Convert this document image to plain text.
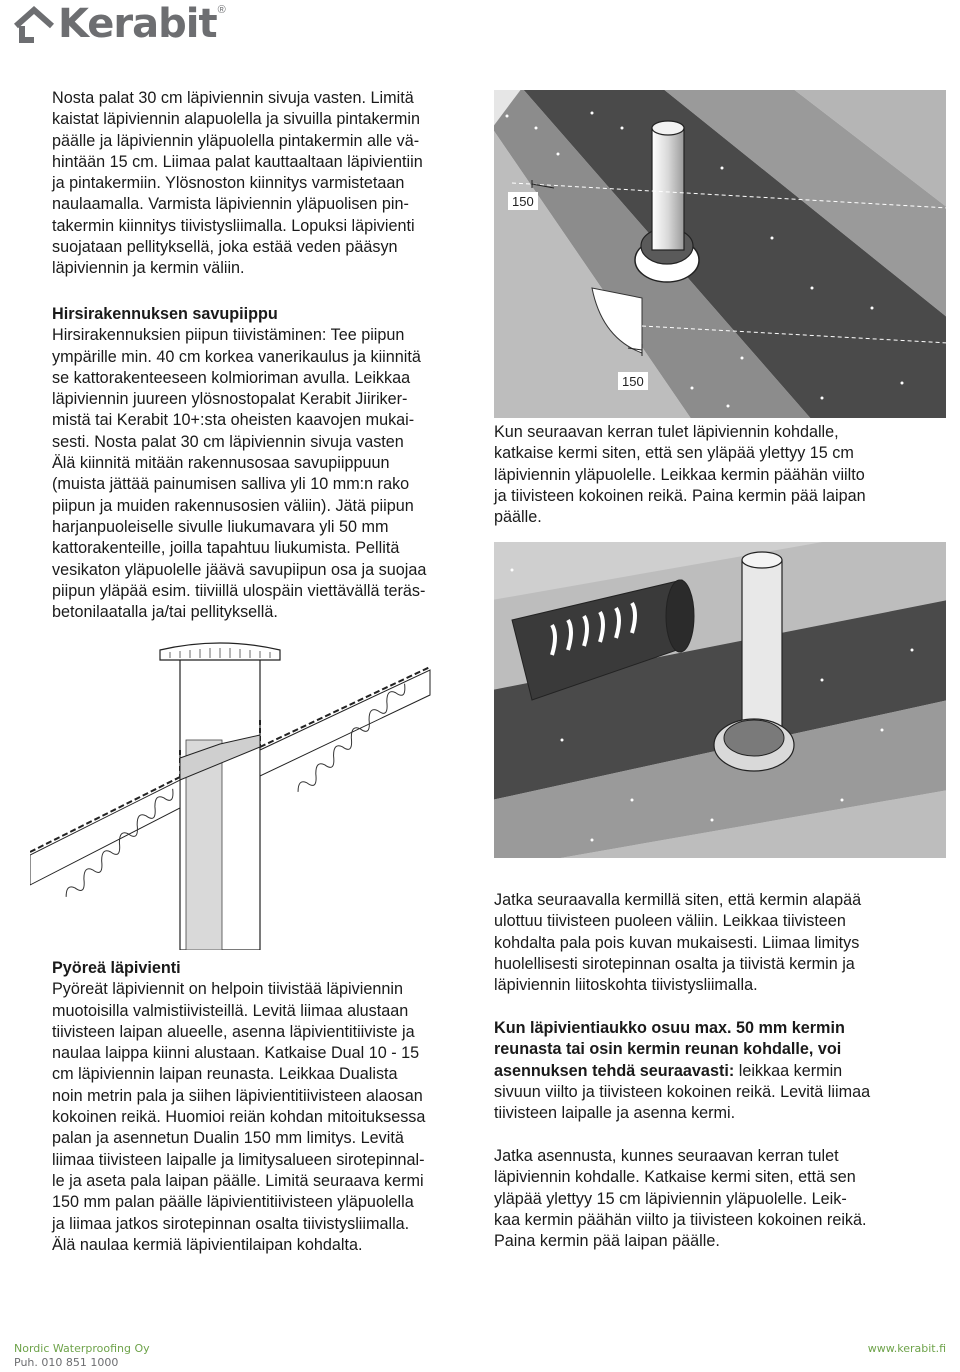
Kerabit ®

Nosta palat 30 cm läpiviennin sivuja vasten. Limitä

kaistat läpiviennin alapuolella ja sivuilla pintakermin

päälle ja läpiviennin yläpuolella pintakermin alle vä-

hintään 15 cm. Liimaa palat kauttaaltaan läpivientiin

ja pintakermiin. Ylösnoston kiinnitys varmistetaan

naulaamalla. Varmista läpiviennin yläpuolisen pin-

takermin kiinnitys tiivistysliimalla. Lopuksi läpivienti

suojataan pellityksellä, joka estää veden pääsyn

läpiviennin ja kermin väliin.

Hirsirakennuksen savupiippu

Hirsirakennuksien piipun tiivistäminen: Tee piipun

ympärille min. 40 cm korkea vanerikaulus ja kiinnitä

se kattorakenteeseen kolmioriman avulla. Leikkaa

läpiviennin juureen ylösnostopalat Kerabit Jiiriker-

mistä tai Kerabit 10+:sta oheisten kaavojen mukai-

sesti. Nosta palat 30 cm läpiviennin sivuja vasten

Älä kiinnitä mitään rakennusosaa savupiippuun

(muista jättää painumisen salliva yli 10 mm:n rako

piipun ja muiden rakennusosien väliin). Jätä piipun

harjanpuoleiselle sivulle liukumavara yli 50 mm

kattorakenteille, joilla tapahtuu liukumista. Pellitä

vesikaton yläpuolelle jäävä savupiipun osa ja suojaa

piipun yläpää esim. tiiviillä ulospäin viettävällä teräs-

betonilaatalla ja/tai pellityksellä.

150
150

Kun seuraavan kerran tulet läpiviennin kohdalle,

katkaise kermi siten, että sen yläpää ylettyy 15 cm

läpiviennin yläpuolelle. Leikkaa kermin päähän viilto

ja tiivisteen kokoinen reikä. Paina kermin pää laipan

päälle.

Pyöreä läpivienti

Pyöreät läpiviennit on helpoin tiivistää läpiviennin

muotoisilla valmistiivisteillä. Levitä liimaa alustaan

tiivisteen laipan alueelle, asenna läpivientitiiviste ja

naulaa laippa kiinni alustaan. Katkaise Dual 10 - 15

cm läpiviennin laipan reunasta. Leikkaa Dualista

noin metrin pala ja siihen läpivientitiivisteen alaosan

kokoinen reikä. Huomioi reiän kohdan mitoituksessa

palan ja asennetun Dualin 150 mm limitys. Levitä

liimaa tiivisteen laipalle ja limitysalueen sirotepinnal-

le ja aseta pala laipan päälle. Limitä seuraava kermi

150 mm palan päälle läpivientitiivisteen yläpuolella

ja liimaa jatkos sirotepinnan osalta tiivistysliimalla.

Älä naulaa kermiä läpivientilaipan kohdalta.

Jatka seuraavalla kermillä siten, että kermin alapää

ulottuu tiivisteen puoleen väliin. Leikkaa tiivisteen

kohdalta pala pois kuvan mukaisesti. Liimaa limitys

huolellisesti sirotepinnan osalta ja tiivistä kermin ja

läpiviennin liitoskohta tiivistysliimalla.

Kun läpivientiaukko osuu max. 50 mm kermin

reunasta tai osin kermin reunan kohdalle, voi

asennuksen tehdä seuraavasti: leikkaa kermin

sivuun viilto ja tiivisteen kokoinen reikä. Levitä liimaa

tiivisteen laipalle ja asenna kermi.

Jatka asennusta, kunnes seuraavan kerran tulet

läpiviennin kohdalle. Katkaise kermi siten, että sen

yläpää ylettyy 15 cm läpiviennin yläpuolelle. Leik-

kaa kermin päähän viilto ja tiivisteen kokoinen reikä.

Paina kermin pää laipan päälle.

Nordic Waterproofing Oy
Puh. 010 851 1000
www.kerabit.fi
